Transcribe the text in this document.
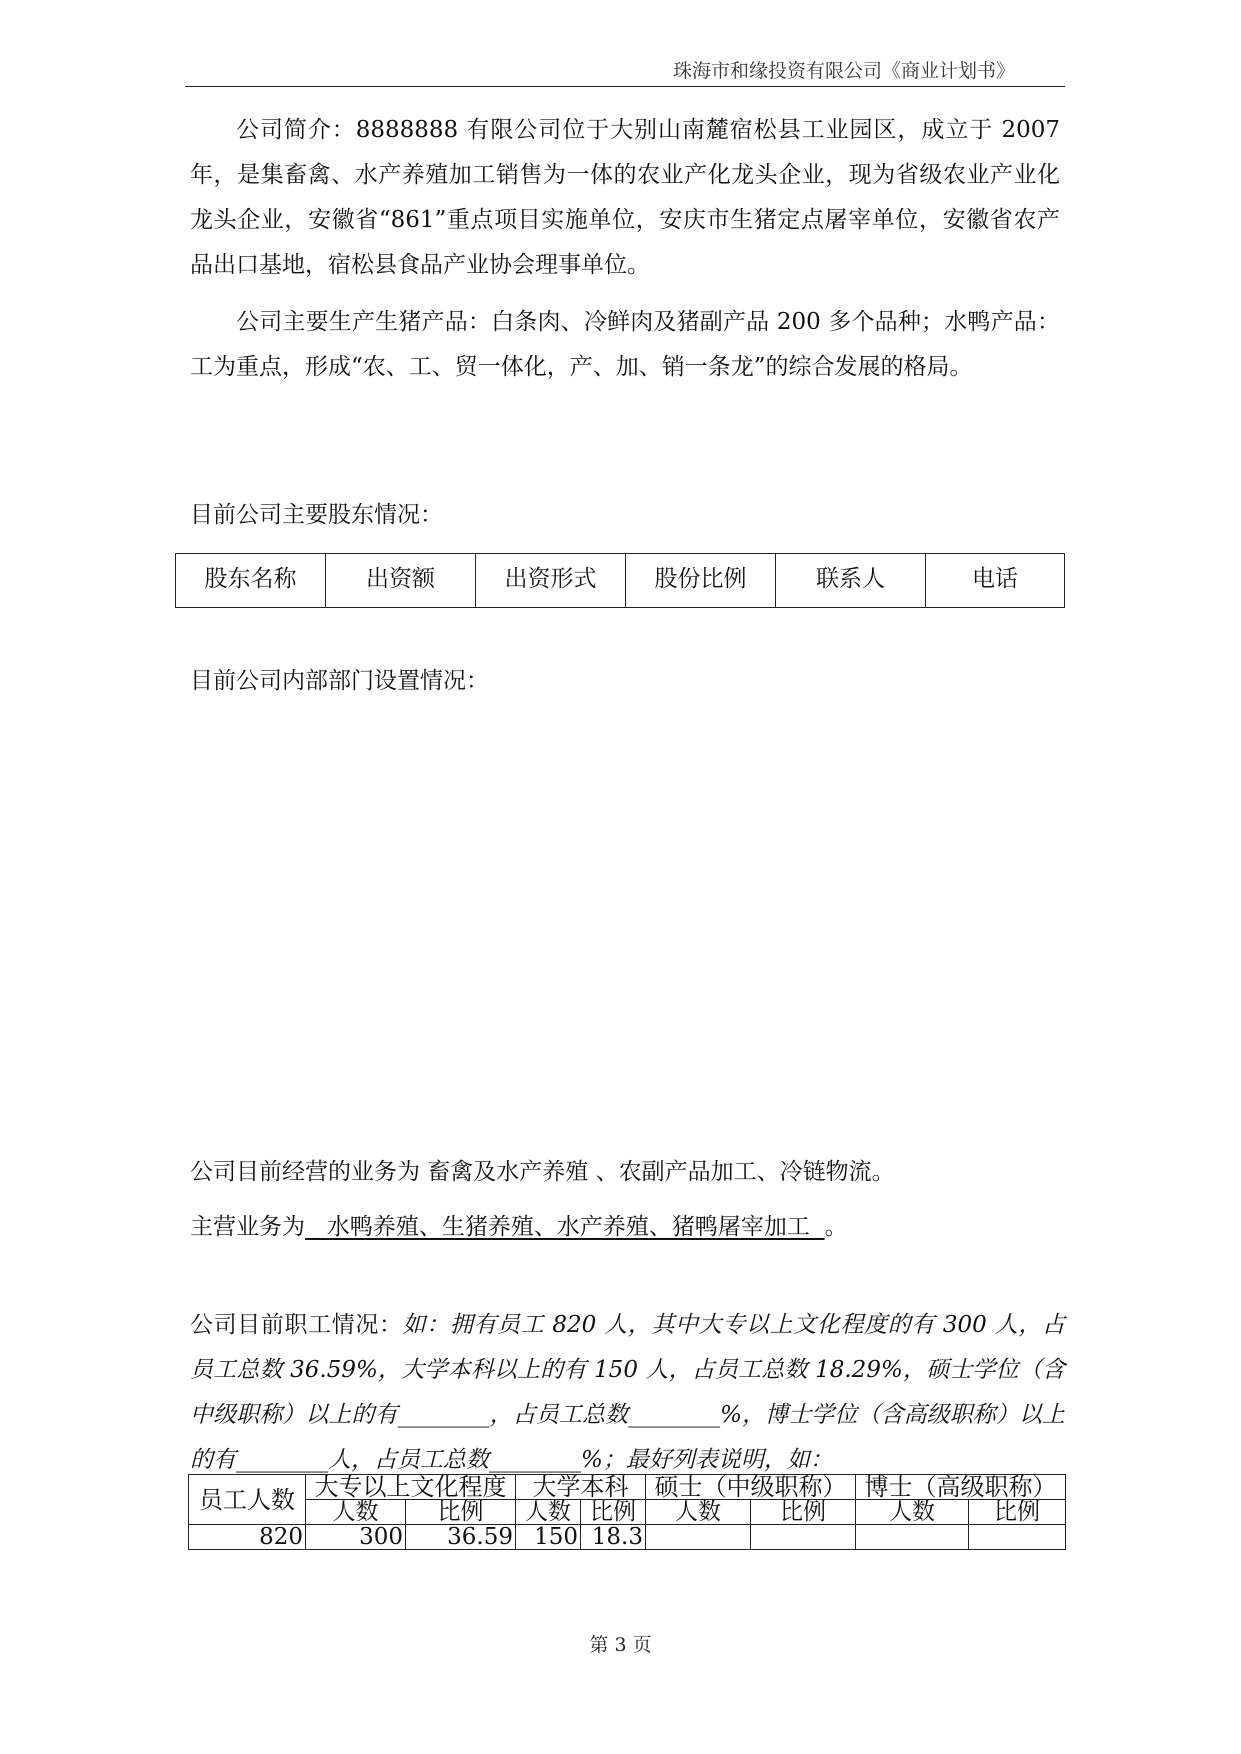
珠海市和缘投资有限公司《商业计划书》

公司简介：8888888 有限公司位于大别山南麓宿松县工业园区，成立于 2007 年，是集畜禽、水产养殖加工销售为一体的农业产化龙头企业，现为省级农业产业化龙头企业，安徽省“861”重点项目实施单位，安庆市生猪定点屠宰单位，安徽省农产品出口基地，宿松县食品产业协会理事单位。

公司主要生产生猪产品：白条肉、冷鲜肉及猪副产品 200 多个品种；水鸭产品：工为重点，形成“农、工、贸一体化，产、加、销一条龙”的综合发展的格局。

目前公司主要股东情况：

股东名称	出资额	出资形式	股份比例	联系人	电话

目前公司内部部门设置情况：

公司目前经营的业务为 畜禽及水产养殖 、农副产品加工、冷链物流。

主营业务为   水鸭养殖、生猪养殖、水产养殖、猪鸭屠宰加工  。

公司目前职工情况：如：拥有员工 820 人，其中大专以上文化程度的有 300 人，占员工总数 36.59%，大学本科以上的有 150 人，占员工总数 18.29%，硕士学位（含中级职称）以上的有________，占员工总数________%，博士学位（含高级职称）以上的有________人，占员工总数________%；最好列表说明，如：

员工人数	大专以上文化程度		大学本科		硕士（中级职称）		博士（高级职称）	
	人数	比例	人数	比例	人数	比例	人数	比例
820	300	36.59	150	18.3				
第 3 页
